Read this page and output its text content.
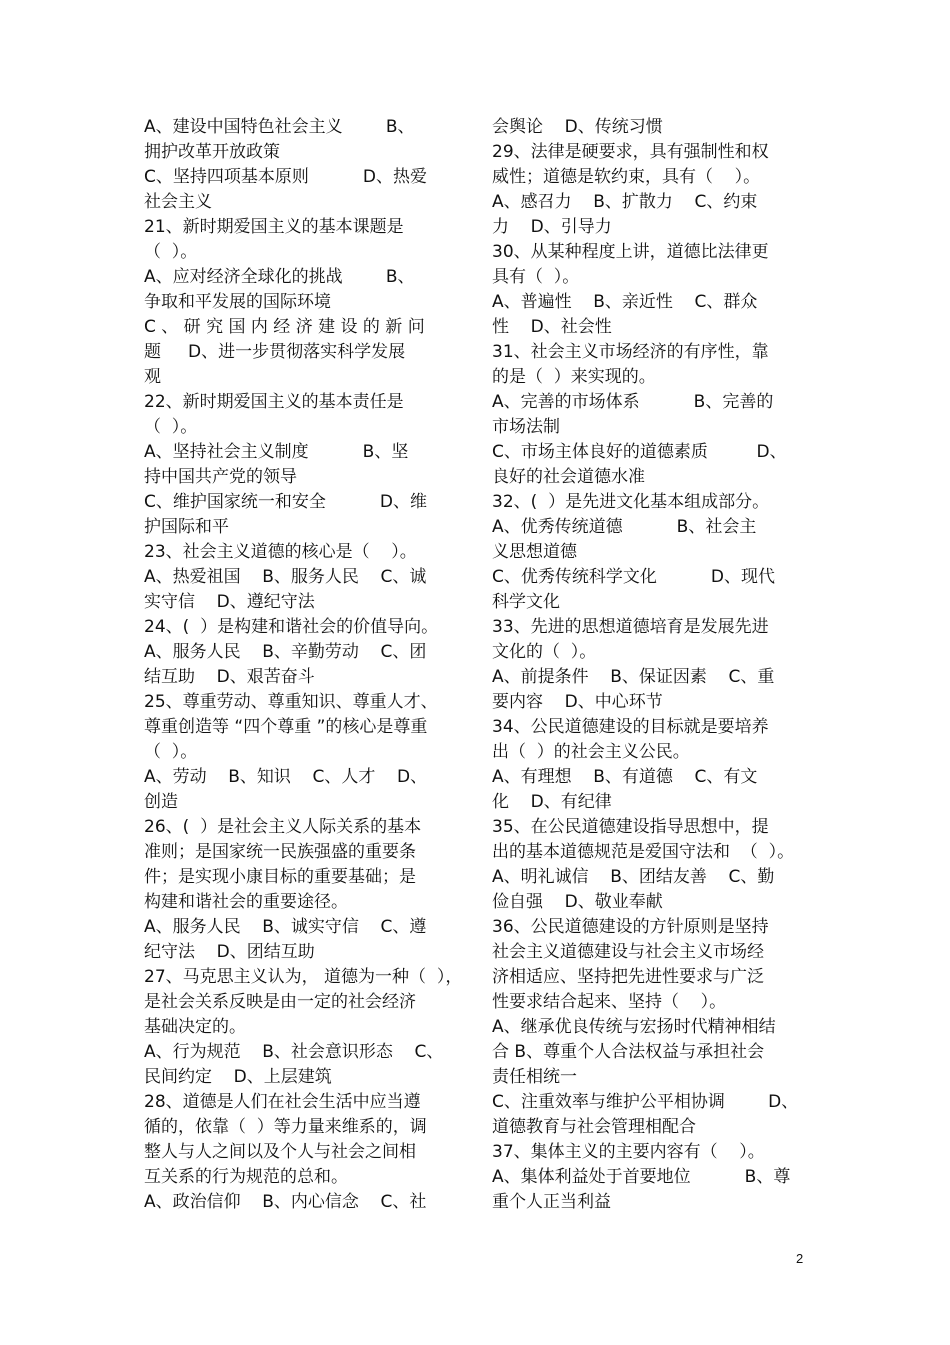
A、建设中国特色社会主义        B、
拥护改革开放政策
C、坚持四项基本原则          D、热爱
社会主义
21、新时期爱国主义的基本课题是
（  ）。
A、应对经济全球化的挑战        B、
争取和平发展的国际环境
C 、 研 究 国 内 经 济 建 设 的 新 问
题     D、进一步贯彻落实科学发展
观
22、新时期爱国主义的基本责任是
（  ）。
A、坚持社会主义制度          B、坚
持中国共产党的领导
C、维护国家统一和安全          D、维
护国际和平
23、社会主义道德的核心是（    ）。
A、热爱祖国    B、服务人民    C、诚
实守信    D、遵纪守法
24、(  ）是构建和谐社会的价值导向。
A、服务人民    B、辛勤劳动    C、团
结互助    D、艰苦奋斗
25、尊重劳动、尊重知识、尊重人才、
尊重创造等 “四个尊重 ”的核心是尊重
（  ）。
A、劳动    B、知识    C、人才    D、
创造
26、(  ）是社会主义人际关系的基本
准则；是国家统一民族强盛的重要条
件；是实现小康目标的重要基础；是
构建和谐社会的重要途径。
A、服务人民    B、诚实守信    C、遵
纪守法    D、团结互助
27、马克思主义认为， 道德为一种（  ），
是社会关系反映是由一定的社会经济
基础决定的。
A、行为规范    B、社会意识形态    C、
民间约定    D、上层建筑
28、道德是人们在社会生活中应当遵
循的，依靠（  ）等力量来维系的，调
整人与人之间以及个人与社会之间相
互关系的行为规范的总和。
A、政治信仰    B、内心信念    C、社
会舆论    D、传统习惯
29、法律是硬要求，具有强制性和权
威性；道德是软约束，具有（    ）。
A、感召力    B、扩散力    C、约束
力    D、引导力
30、从某种程度上讲，道德比法律更
具有（  ）。
A、普遍性    B、亲近性    C、群众
性    D、社会性
31、社会主义市场经济的有序性，靠
的是（  ）来实现的。
A、完善的市场体系          B、完善的
市场法制
C、市场主体良好的道德素质         D、
良好的社会道德水准
32、(  ）是先进文化基本组成部分。
A、优秀传统道德          B、社会主
义思想道德
C、优秀传统科学文化          D、现代
科学文化
33、先进的思想道德培育是发展先进
文化的（  ）。
A、前提条件    B、保证因素    C、重
要内容    D、中心环节
34、公民道德建设的目标就是要培养
出（  ）的社会主义公民。
A、有理想    B、有道德    C、有文
化    D、有纪律
35、在公民道德建设指导思想中，提
出的基本道德规范是爱国守法和  （  ）。
A、明礼诚信    B、团结友善    C、勤
俭自强    D、敬业奉献
36、公民道德建设的方针原则是坚持
社会主义道德建设与社会主义市场经
济相适应、坚持把先进性要求与广泛
性要求结合起来、坚持（    ）。
A、继承优良传统与宏扬时代精神相结
合 B、尊重个人合法权益与承担社会
责任相统一
C、注重效率与维护公平相协调        D、
道德教育与社会管理相配合
37、集体主义的主要内容有（    ）。
A、集体利益处于首要地位          B、尊
重个人正当利益
2
